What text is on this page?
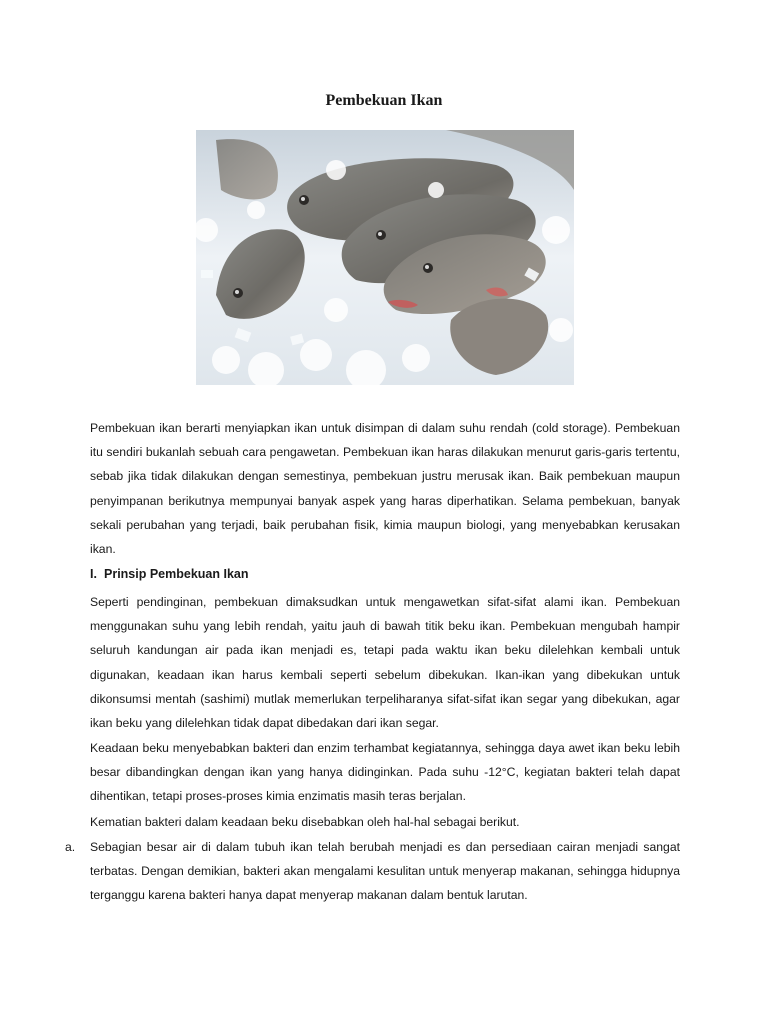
Pembekuan Ikan

Pembekuan ikan berarti menyiapkan ikan untuk disimpan di dalam suhu rendah (cold storage). Pembekuan itu sendiri bukanlah sebuah cara pengawetan. Pembekuan ikan haras dilakukan menurut garis-garis tertentu, sebab jika tidak dilakukan dengan semestinya, pembekuan justru merusak ikan. Baik pembekuan maupun penyimpanan berikutnya mempunyai banyak aspek yang haras diperhatikan. Selama pembekuan, banyak sekali perubahan yang terjadi, baik perubahan fisik, kimia maupun biologi, yang menyebabkan kerusakan ikan.

I. Prinsip Pembekuan Ikan

Seperti pendinginan, pembekuan dimaksudkan untuk mengawetkan sifat-sifat alami ikan. Pembekuan menggunakan suhu yang lebih rendah, yaitu jauh di bawah titik beku ikan. Pembekuan mengubah hampir seluruh kandungan air pada ikan menjadi es, tetapi pada waktu ikan beku dilelehkan kembali untuk digunakan, keadaan ikan harus kembali seperti sebelum dibekukan. Ikan-ikan yang dibekukan untuk dikonsumsi mentah (sashimi) mutlak memerlukan terpeliharanya sifat-sifat ikan segar yang dibekukan, agar ikan beku yang dilelehkan tidak dapat dibedakan dari ikan segar.

Keadaan beku menyebabkan bakteri dan enzim terhambat kegiatannya, sehingga daya awet ikan beku lebih besar dibandingkan dengan ikan yang hanya didinginkan. Pada suhu -12°C, kegiatan bakteri telah dapat dihentikan, tetapi proses-proses kimia enzimatis masih teras berjalan.

Kematian bakteri dalam keadaan beku disebabkan oleh hal-hal sebagai berikut.

a. Sebagian besar air di dalam tubuh ikan telah berubah menjadi es dan persediaan cairan menjadi sangat terbatas. Dengan demikian, bakteri akan mengalami kesulitan untuk menyerap makanan, sehingga hidupnya terganggu karena bakteri hanya dapat menyerap makanan dalam bentuk larutan.
